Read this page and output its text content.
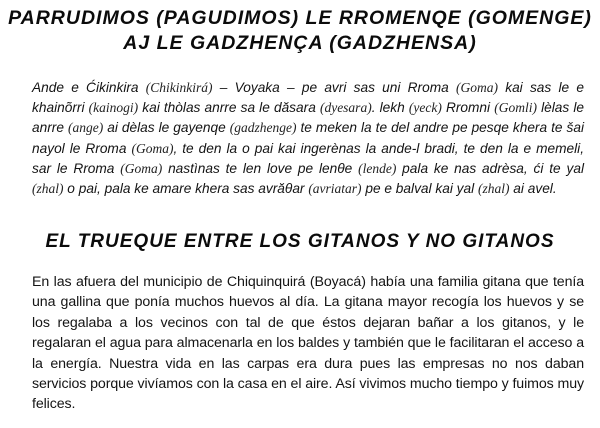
PARRUDIMOS (PAGUDIMOS) LE RROMENQE (GOMENGE)
AJ LE GADZHENÇA (GADZHENSA)

Ande e Ćikinkira (Chikinkirá) – Voyaka – pe avri sas uni Rroma (Goma) kai sas le e khainõrri (kainogi) kai thòlas anrre sa le dăsara (dyesara). lekh (yeck) Rromni (Gomli) lèlas le anrre (ange) ai dèlas le gayenqe (gadzhenge) te meken la te del andre pe pesqe khera te šai nayol le Rroma (Goma), te den la o pai kai ingerènas la ande-l bradi, te den la e memeli, sar le Rroma (Goma) nastìnas te len love pe lenθe (lende) pala ke nas adrèsa, ći te yal (zhal) o pai, pala ke amare khera sas avrăθar (avriatar) pe e balval kai yal (zhal) ai avel.

EL TRUEQUE ENTRE LOS GITANOS Y NO GITANOS

En las afuera del municipio de Chiquinquirá (Boyacá) había una familia gitana que tenía una gallina que ponía muchos huevos al día. La gitana mayor recogía los huevos y se los regalaba a los vecinos con tal de que éstos dejaran bañar a los gitanos, y le regalaran el agua para almacenarla en los baldes y también que le facilitaran el acceso a la energía. Nuestra vida en las carpas era dura pues las empresas no nos daban servicios porque vivíamos con la casa en el aire. Así vivimos mucho tiempo y fuimos muy felices.
